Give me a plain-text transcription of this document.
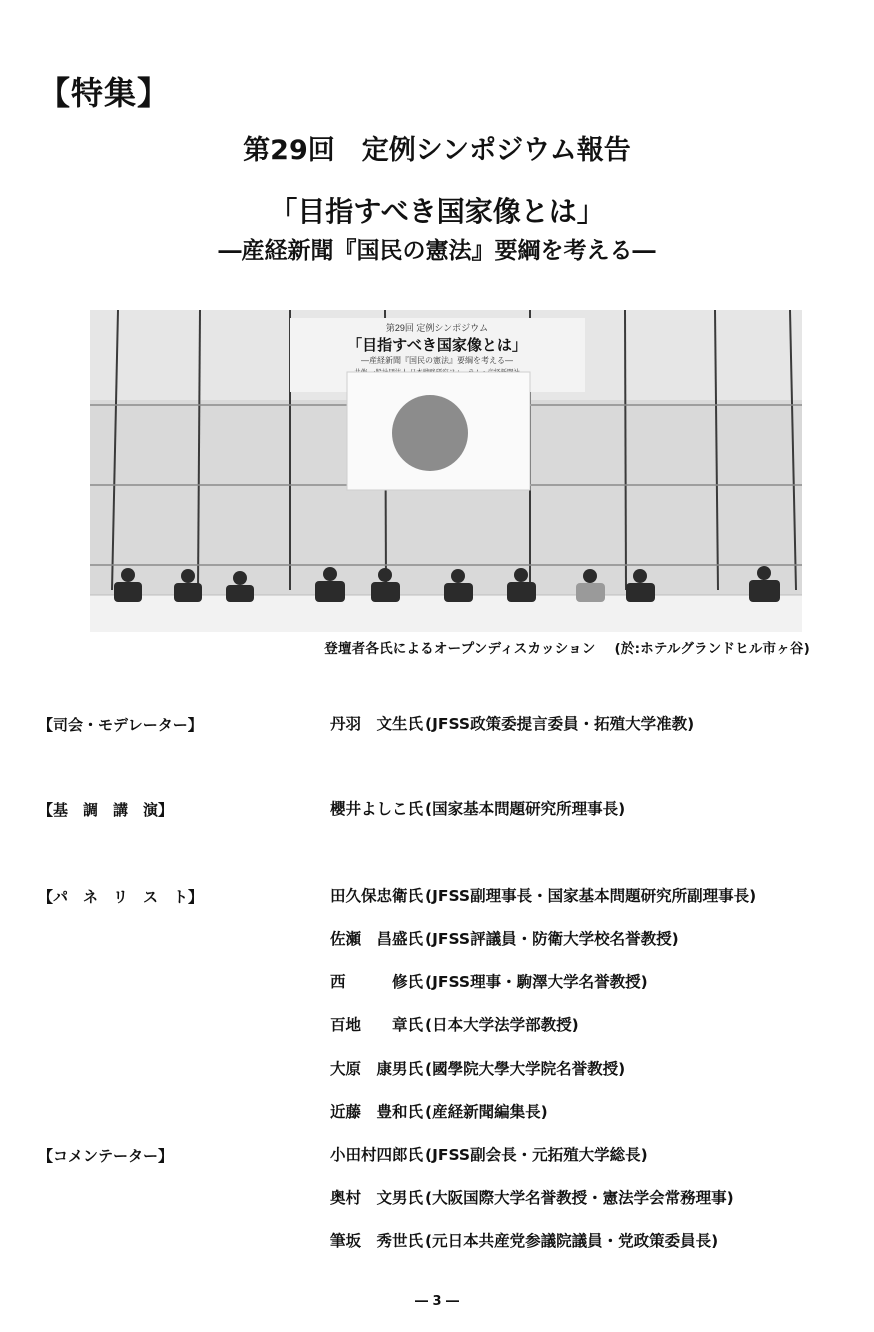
【特集】
第29回　定例シンポジウム報告
「目指すべき国家像とは」
―産経新聞『国民の憲法』要綱を考える―
第29回 定例シンポジウム
「目指すべき国家像とは」
―産経新聞『国民の憲法』要綱を考える―
登壇者各氏によるオープンディスカッション (於:ホテルグランドヒル市ヶ谷)
【司会・モデレーター】	丹羽　文生氏 (JFSS政策委提言委員・拓殖大学准教)
【基　調　講　演】	櫻井よしこ氏 (国家基本問題研究所理事長)
【パ　ネ　リ　ス　ト】	田久保忠衛氏 (JFSS副理事長・国家基本問題研究所副理事長)
佐瀬　昌盛氏 (JFSS評議員・防衛大学校名誉教授)
西　　　修氏 (JFSS理事・駒澤大学名誉教授)
百地　　章氏 (日本大学法学部教授)
大原　康男氏 (國學院大學大学院名誉教授)
近藤　豊和氏 (産経新聞編集長)
【コメンテーター】	小田村四郎氏 (JFSS副会長・元拓殖大学総長)
奥村　文男氏 (大阪国際大学名誉教授・憲法学会常務理事)
筆坂　秀世氏 (元日本共産党参議院議員・党政策委員長)
― 3 ―
